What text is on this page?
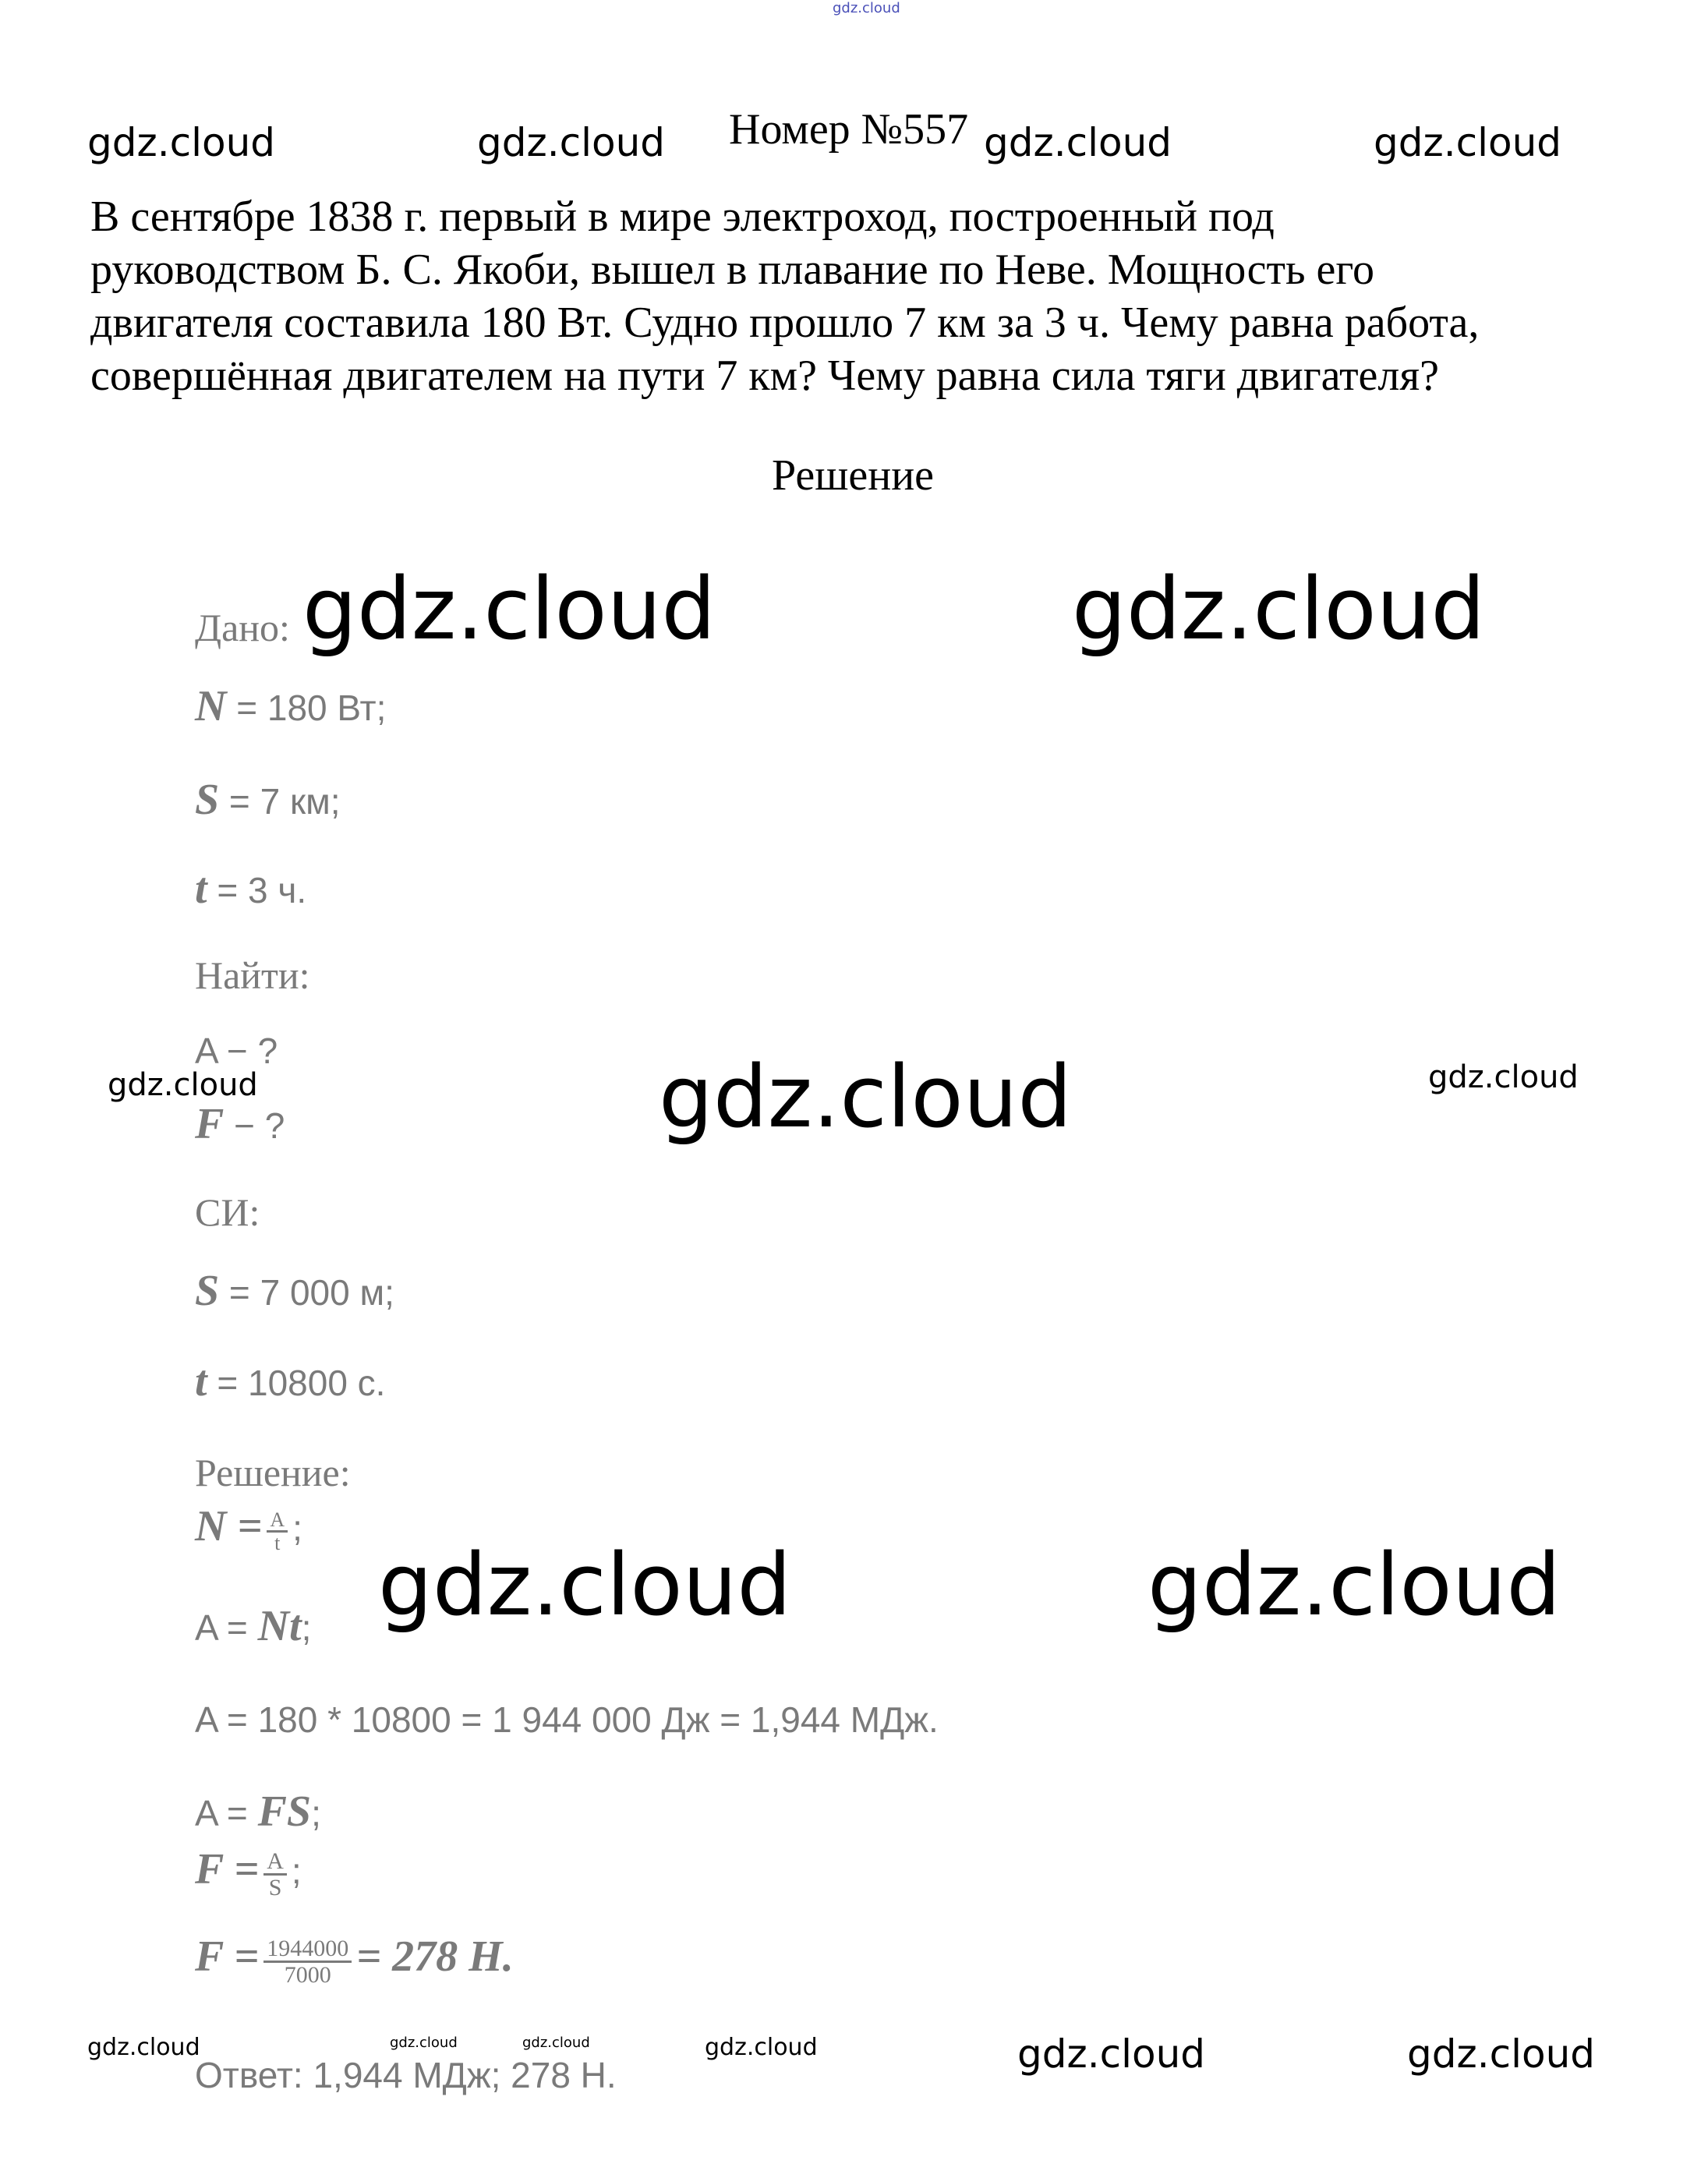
gdz.cloud
gdz.cloud	gdz.cloud	gdz.cloud	gdz.cloud
gdz.cloud	gdz.cloud
gdz.cloud	gdz.cloud	gdz.cloud
gdz.cloud	gdz.cloud
gdz.cloud	gdz.cloud	gdz.cloud	gdz.cloud	gdz.cloud	gdz.cloud
Номер №557
В сентябре 1838 г. первый в мире электроход, построенный под
руководством Б. С. Якоби, вышел в плавание по Неве. Мощность его
двигателя составила 180 Вт. Судно прошло 7 км за 3 ч. Чему равна работа,
совершённая двигателем на пути 7 км? Чему равна сила тяги двигателя?
Решение
Дано:
N = 180 Вт;
S = 7 км;
t = 3 ч.
Найти:
A − ?
F − ?
СИ:
S = 7 000 м;
t = 10800 с.
Решение:
$N = \frac{A}{t}$ ;
A = Nt;
A = 180 * 10800 = 1 944 000 Дж = 1,944 МДж.
A = FS;
$F = \frac{A}{S}$ ;
$F = \frac{1944000}{7000} = 278$ Н.
Ответ: 1,944 МДж; 278 Н.
